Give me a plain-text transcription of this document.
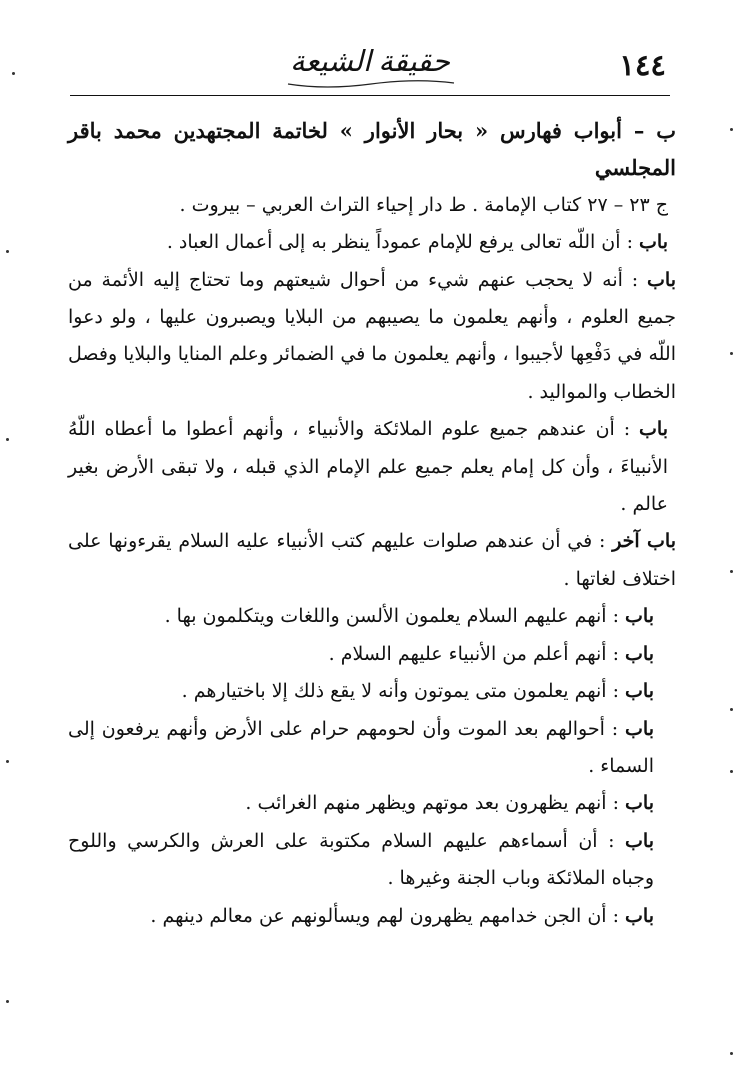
١٤٤
حقيقة الشيعة

ب – أبواب فهارس « بحار الأنوار » لخاتمة المجتهدين محمد باقر المجلسي

ج ٢٣ – ٢٧ كتاب الإمامة . ط دار إحياء التراث العربي – بيروت .

باب : أن اللّه تعالى يرفع للإمام عموداً ينظر به إلى أعمال العباد .

باب : أنه لا يحجب عنهم شيء من أحوال شيعتهم وما تحتاج إليه الأئمة من جميع العلوم ، وأنهم يعلمون ما يصيبهم من البلايا ويصبرون عليها ، ولو دعوا اللّه في دَفْعِها لأجيبوا ، وأنهم يعلمون ما في الضمائر وعلم المنايا والبلايا وفصل الخطاب والمواليد .

باب : أن عندهم جميع علوم الملائكة والأنبياء ، وأنهم أعطوا ما أعطاه اللّهُ الأنبياءَ ، وأن كل إمام يعلم جميع علم الإمام الذي قبله ، ولا تبقى الأرض بغير عالم .

باب آخر : في أن عندهم صلوات عليهم كتب الأنبياء عليه السلام يقرءونها على اختلاف لغاتها .

باب : أنهم عليهم السلام يعلمون الألسن واللغات ويتكلمون بها .

باب : أنهم أعلم من الأنبياء عليهم السلام .

باب : أنهم يعلمون متى يموتون وأنه لا يقع ذلك إلا باختيارهم .

باب : أحوالهم بعد الموت وأن لحومهم حرام على الأرض وأنهم يرفعون إلى السماء .

باب : أنهم يظهرون بعد موتهم ويظهر منهم الغرائب .

باب : أن أسماءهم عليهم السلام مكتوبة على العرش والكرسي واللوح وجباه الملائكة وباب الجنة وغيرها .

باب : أن الجن خدامهم يظهرون لهم ويسألونهم عن معالم دينهم .
